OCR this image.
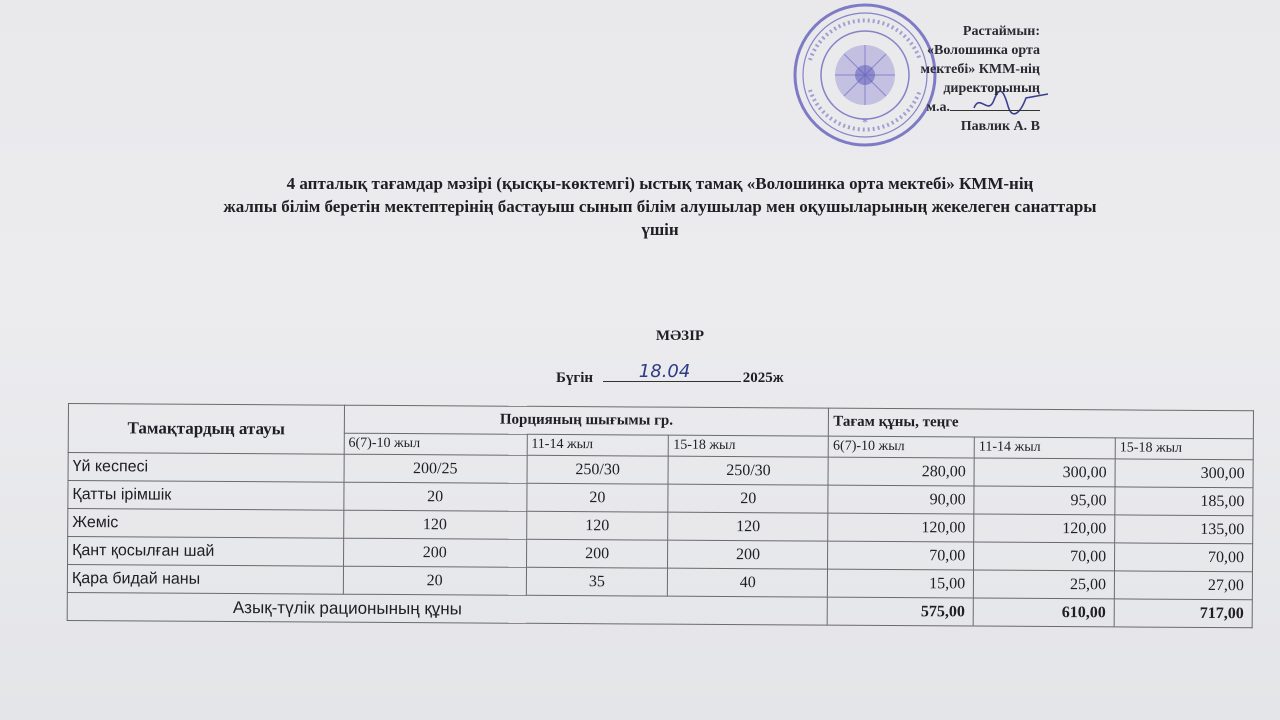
*
Растаймын:
«Волошинка орта
мектебі» КММ-нің
директорының
м.а.
Павлик А. В
4 апталық тағамдар мәзірі (қысқы-көктемгі) ыстық тамақ «Волошинка орта мектебі» КММ-нің
жалпы білім беретін мектептерінің бастауыш сынып білім алушылар мен оқушыларының жекелеген санаттары
үшін
МӘЗІР
Бүгін	18.04	2025ж
Тамақтардың атауы	Порцияның шығымы гр.			Тағам құны, теңге		
	6(7)-10 жыл	11-14 жыл	15-18 жыл	6(7)-10 жыл	11-14 жыл	15-18 жыл
Үй кеспесі	200/25	250/30	250/30	280,00	300,00	300,00
Қатты ірімшік	20	20	20	90,00	95,00	185,00
Жеміс	120	120	120	120,00	120,00	135,00
Қант қосылған шай	200	200	200	70,00	70,00	70,00
Қара бидай наны	20	35	40	15,00	25,00	27,00
Азық-түлік рационының құны				575,00	610,00	717,00
